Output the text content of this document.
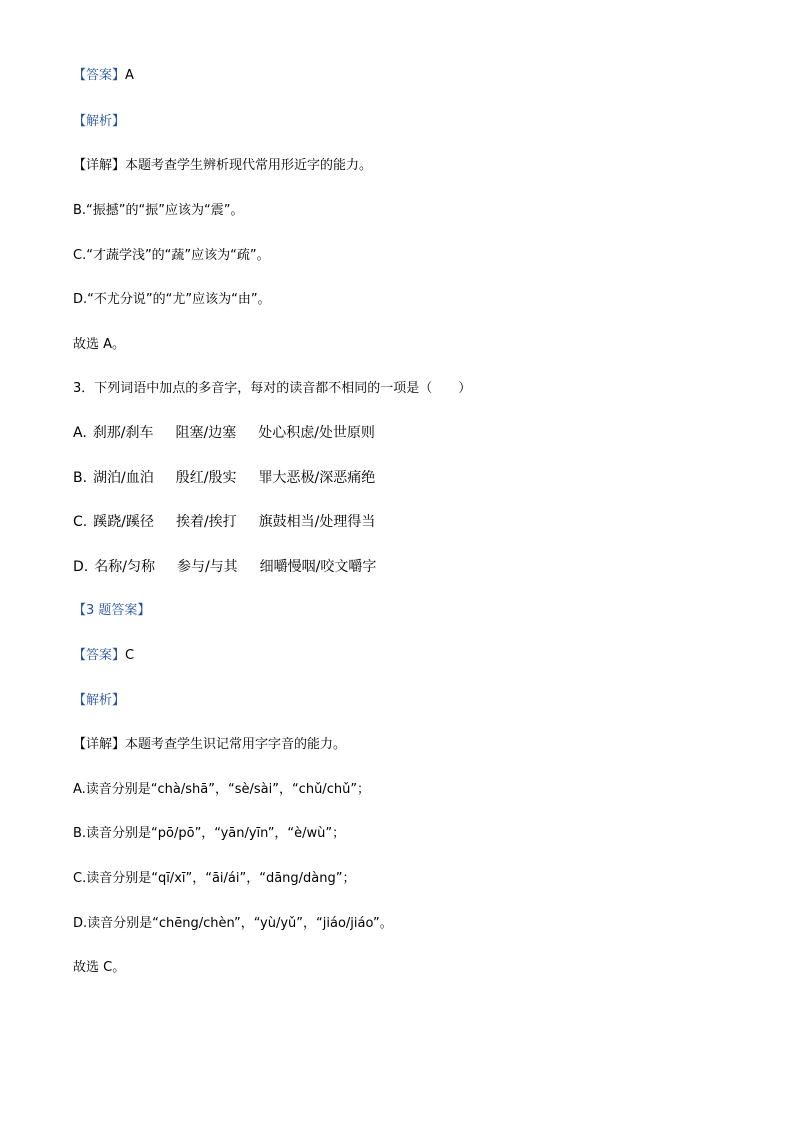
【答案】A
【解析】
【详解】本题考查学生辨析现代常用形近字的能力。
B.“振撼”的“振”应该为“震”。
C.“才蔬学浅”的“蔬”应该为“疏”。
D.“不尤分说”的“尤”应该为“由”。
故选 A。
3．下列词语中加点的多音字，每对的读音都不相同的一项是（　　）
A. 刹那/刹车 阻塞/边塞 处心积虑/处世原则
B. 湖泊/血泊 殷红/殷实 罪大恶极/深恶痛绝
C. 蹊跷/蹊径 挨着/挨打 旗鼓相当/处理得当
D. 名称/匀称 参与/与其 细嚼慢咽/咬文嚼字
【3 题答案】
【答案】C
【解析】
【详解】本题考查学生识记常用字字音的能力。
A.读音分别是“chà/shā”，“sè/sài”，“chǔ/chǔ”；
B.读音分别是“pō/pō”，“yān/yīn”，“è/wù”；
C.读音分别是“qī/xī”，“āi/ái”，“dāng/dàng”；
D.读音分别是“chēng/chèn”，“yù/yǔ”，“jiáo/jiáo”。
故选 C。
